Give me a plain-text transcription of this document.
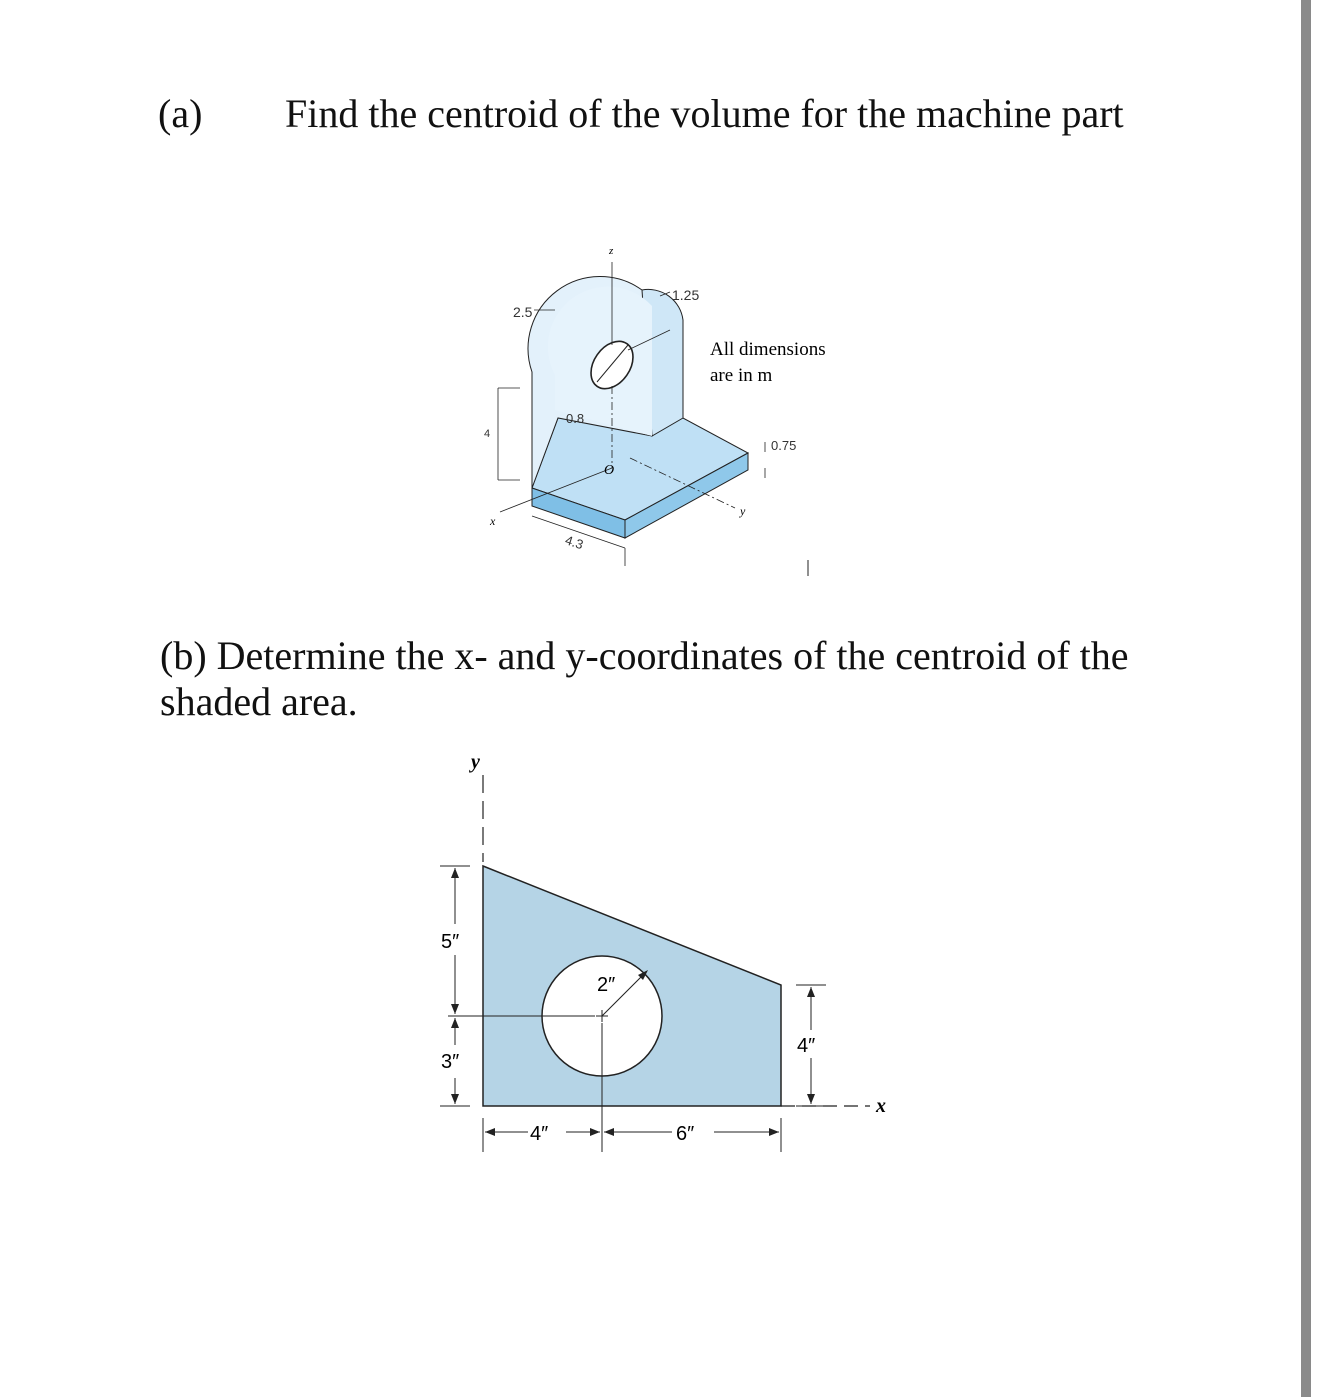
(a) Find the centroid of the volume for the machine part
z
2.5
1.25
All dimensions
are in m
0.8
4
0.75
O
x
y
4.3
(b) Determine the x- and y-coordinates of the centroid of the
shaded area.
y
x
5″
3″
4″
2″
4″	6″
